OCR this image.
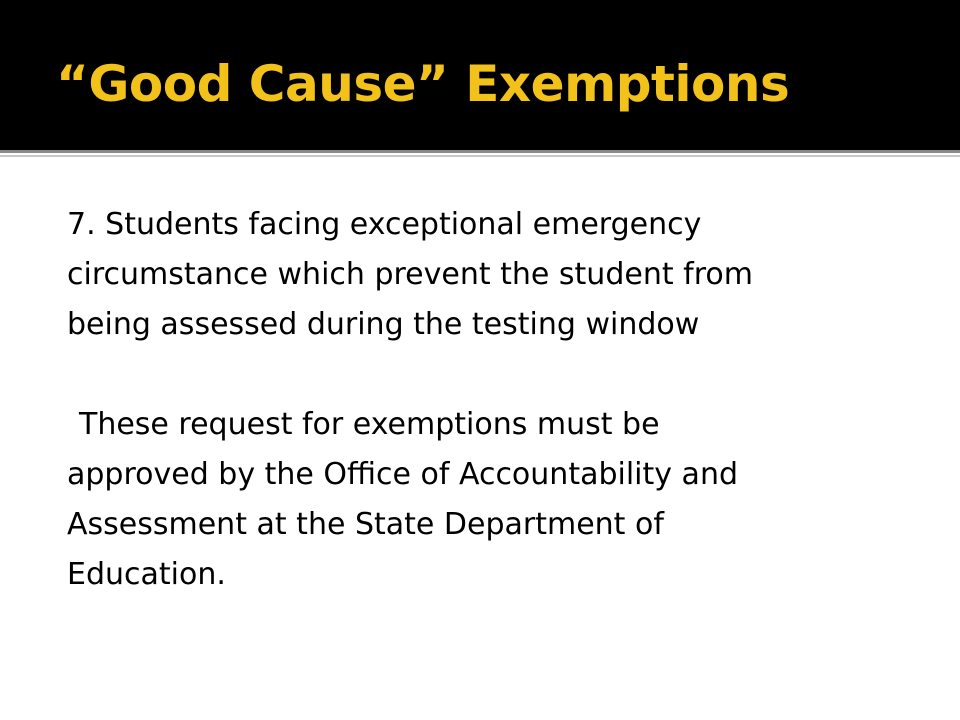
“Good Cause” Exemptions
7. Students facing exceptional emergency
circumstance which prevent the student from
being assessed during the testing window
These request for exemptions must be
approved by the Office of Accountability and
Assessment at the State Department of
Education.
